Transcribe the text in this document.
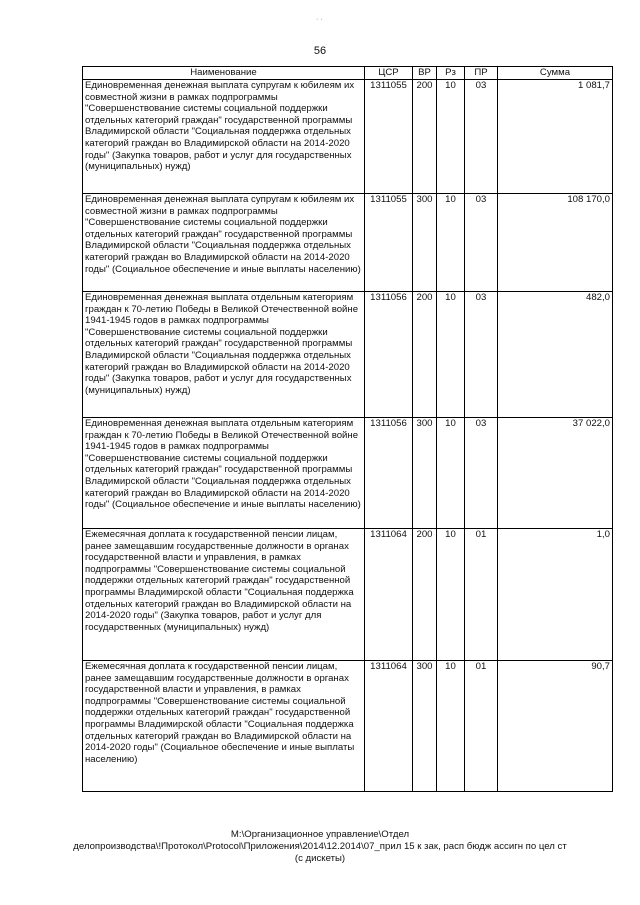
· ·
56
Наименование	ЦСР	ВР	Рз	ПР	Сумма
Единовременная денежная выплата супругам к юбилеям их совместной жизни в рамках подпрограммы "Совершенствование системы социальной поддержки отдельных категорий граждан" государственной программы Владимирской области "Социальная поддержка отдельных категорий граждан во Владимирской области на 2014-2020 годы" (Закупка товаров, работ и услуг для государственных (муниципальных) нужд)	1311055	200	10	03	1 081,7
Единовременная денежная выплата супругам к юбилеям их совместной жизни в рамках подпрограммы "Совершенствование системы социальной поддержки отдельных категорий граждан" государственной программы Владимирской области "Социальная поддержка отдельных категорий граждан во Владимирской области на 2014-2020 годы" (Социальное обеспечение и иные выплаты населению)	1311055	300	10	03	108 170,0
Единовременная денежная выплата отдельным категориям граждан к 70-летию Победы в Великой Отечественной войне 1941-1945 годов в рамках подпрограммы "Совершенствование системы социальной поддержки отдельных категорий граждан" государственной программы Владимирской области "Социальная поддержка отдельных категорий граждан во Владимирской области на 2014-2020 годы" (Закупка товаров, работ и услуг для государственных (муниципальных) нужд)	1311056	200	10	03	482,0
Единовременная денежная выплата отдельным категориям граждан к 70-летию Победы в Великой Отечественной войне 1941-1945 годов в рамках подпрограммы "Совершенствование системы социальной поддержки отдельных категорий граждан" государственной программы Владимирской области "Социальная поддержка отдельных категорий граждан во Владимирской области на 2014-2020 годы" (Социальное обеспечение и иные выплаты населению)	1311056	300	10	03	37 022,0
Ежемесячная доплата к государственной пенсии лицам, ранее замещавшим государственные должности в органах государственной власти и управления, в рамках подпрограммы "Совершенствование системы социальной поддержки отдельных категорий граждан" государственной программы Владимирской области "Социальная поддержка отдельных категорий граждан во Владимирской области на 2014-2020 годы" (Закупка товаров, работ и услуг для государственных (муниципальных) нужд)	1311064	200	10	01	1,0
Ежемесячная доплата к государственной пенсии лицам, ранее замещавшим государственные должности в органах государственной власти и управления, в рамках подпрограммы "Совершенствование системы социальной поддержки отдельных категорий граждан" государственной программы Владимирской области "Социальная поддержка отдельных категорий граждан во Владимирской области на 2014-2020 годы" (Социальное обеспечение и иные выплаты населению)	1311064	300	10	01	90,7
М:\Организационное управление\Отдел
делопроизводства\!Протокол\Protocol\Приложения\2014\12.2014\07_прил 15 к зак, расп бюдж ассигн по цел ст
(с дискеты)
